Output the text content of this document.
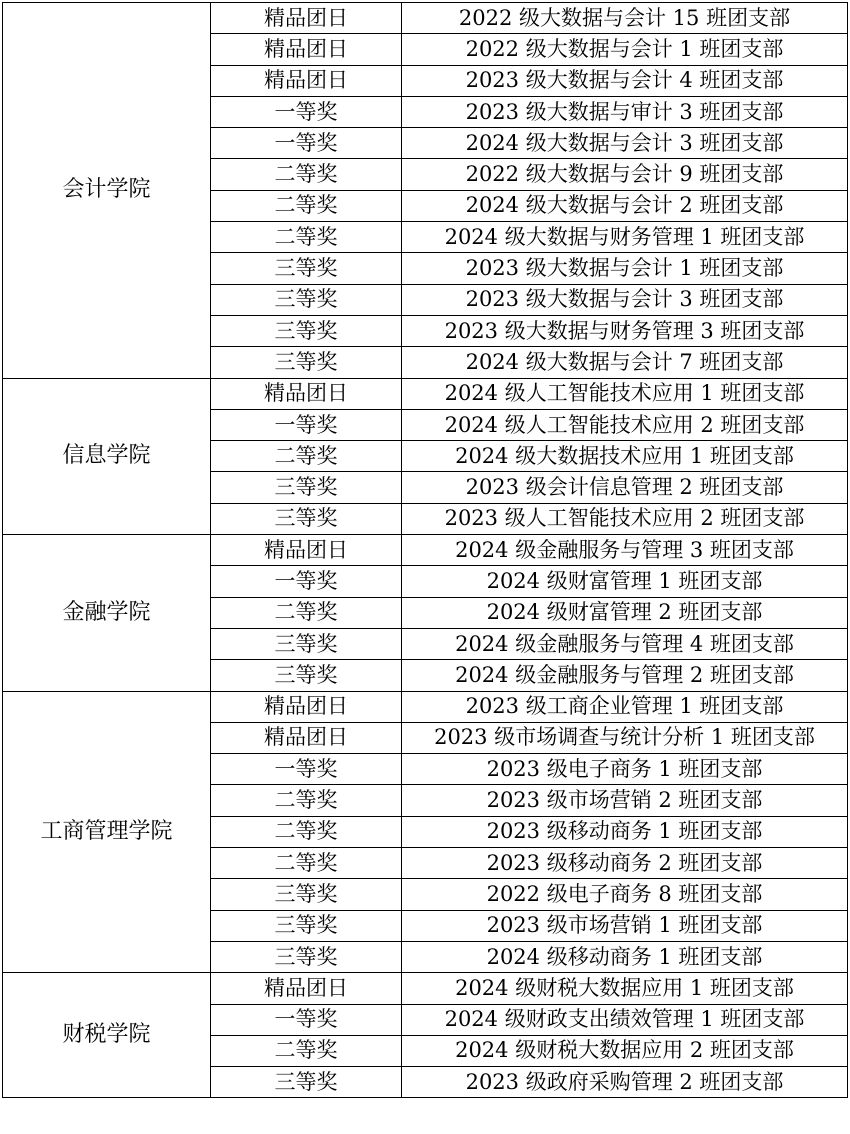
会计学院	精品团日	2022 级大数据与会计 15 班团支部
	精品团日	2022 级大数据与会计 1 班团支部
	精品团日	2023 级大数据与会计 4 班团支部
	一等奖	2023 级大数据与审计 3 班团支部
	一等奖	2024 级大数据与会计 3 班团支部
	二等奖	2022 级大数据与会计 9 班团支部
	二等奖	2024 级大数据与会计 2 班团支部
	二等奖	2024 级大数据与财务管理 1 班团支部
	三等奖	2023 级大数据与会计 1 班团支部
	三等奖	2023 级大数据与会计 3 班团支部
	三等奖	2023 级大数据与财务管理 3 班团支部
	三等奖	2024 级大数据与会计 7 班团支部
信息学院	精品团日	2024 级人工智能技术应用 1 班团支部
	一等奖	2024 级人工智能技术应用 2 班团支部
	二等奖	2024 级大数据技术应用 1 班团支部
	三等奖	2023 级会计信息管理 2 班团支部
	三等奖	2023 级人工智能技术应用 2 班团支部
金融学院	精品团日	2024 级金融服务与管理 3 班团支部
	一等奖	2024 级财富管理 1 班团支部
	二等奖	2024 级财富管理 2 班团支部
	三等奖	2024 级金融服务与管理 4 班团支部
	三等奖	2024 级金融服务与管理 2 班团支部
工商管理学院	精品团日	2023 级工商企业管理 1 班团支部
	精品团日	2023 级市场调查与统计分析 1 班团支部
	一等奖	2023 级电子商务 1 班团支部
	二等奖	2023 级市场营销 2 班团支部
	二等奖	2023 级移动商务 1 班团支部
	二等奖	2023 级移动商务 2 班团支部
	三等奖	2022 级电子商务 8 班团支部
	三等奖	2023 级市场营销 1 班团支部
	三等奖	2024 级移动商务 1 班团支部
财税学院	精品团日	2024 级财税大数据应用 1 班团支部
	一等奖	2024 级财政支出绩效管理 1 班团支部
	二等奖	2024 级财税大数据应用 2 班团支部
	三等奖	2023 级政府采购管理 2 班团支部
